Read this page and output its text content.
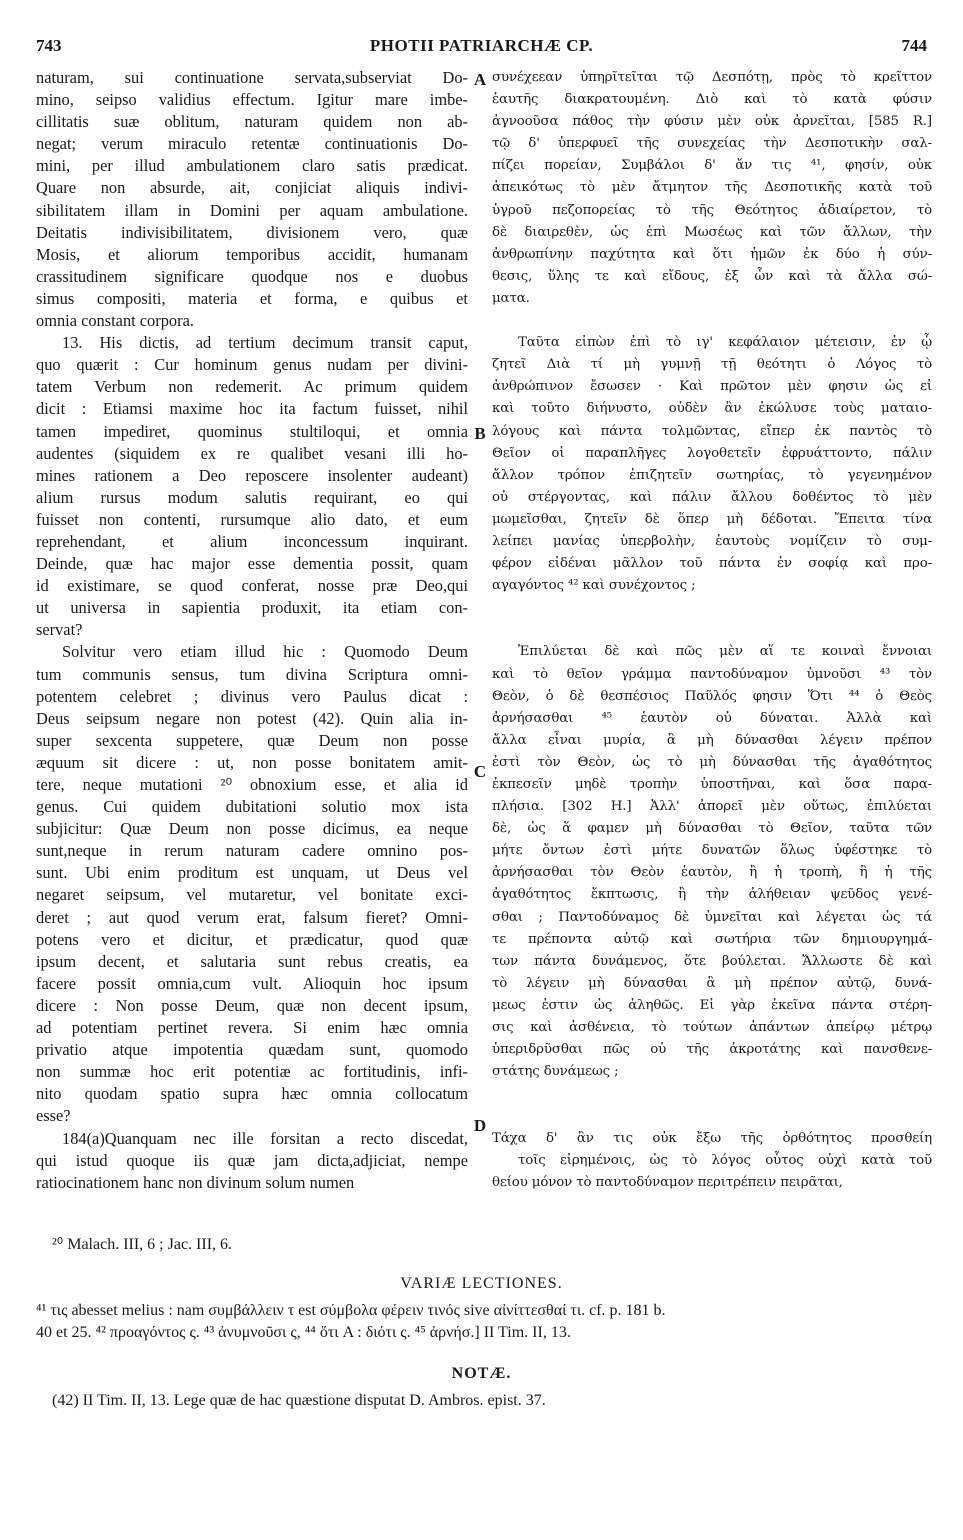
743	PHOTII PATRIARCHÆ CP.	744
naturam, sui continuatione servata,subserviat Do-
mino, seipso validius effectum. Igitur mare imbe-
cillitatis suæ oblitum, naturam quidem non ab-
negat; verum miraculo retentæ continuationis Do-
mini, per illud ambulationem claro satis prædicat.
Quare non absurde, ait, conjiciat aliquis indivi-
sibilitatem illam in Domini per aquam ambulatione.
Deitatis indivisibilitatem, divisionem vero, quæ
Mosis, et aliorum temporibus accidit, humanam
crassitudinem significare quodque nos e duobus
simus compositi, materia et forma, e quibus et
omnia constant corpora.
13. His dictis, ad tertium decimum transit caput,
quo quærit : Cur hominum genus nudam per divini-
tatem Verbum non redemerit. Ac primum quidem
dicit : Etiamsi maxime hoc ita factum fuisset, nihil
tamen impediret, quominus stultiloqui, et omnia
audentes (siquidem ex re qualibet vesani illi ho-
mines rationem a Deo reposcere insolenter audeant)
alium rursus modum salutis requirant, eo qui
fuisset non contenti, rursumque alio dato, et eum
reprehendant, et alium inconcessum inquirant.
Deinde, quæ hac major esse dementia possit, quam
id existimare, se quod conferat, nosse præ Deo,qui
ut universa in sapientia produxit, ita etiam con-
servat?
Solvitur vero etiam illud hic : Quomodo Deum
tum communis sensus, tum divina Scriptura omni-
potentem celebret ; divinus vero Paulus dicat :
Deus seipsum negare non potest (42). Quin alia in-
super sexcenta suppetere, quæ Deum non posse
æquum sit dicere : ut, non posse bonitatem amit-
tere, neque mutationi ²⁰ obnoxium esse, et alia id
genus. Cui quidem dubitationi solutio mox ista
subjicitur: Quæ Deum non posse dicimus, ea neque
sunt,neque in rerum naturam cadere omnino pos-
sunt. Ubi enim proditum est unquam, ut Deus vel
negaret seipsum, vel mutaretur, vel bonitate exci-
deret ; aut quod verum erat, falsum fieret? Omni-
potens vero et dicitur, et prædicatur, quod quæ
ipsum decent, et salutaria sunt rebus creatis, ea
facere possit omnia,cum vult. Alioquin hoc ipsum
dicere : Non posse Deum, quæ non decent ipsum,
ad potentiam pertinet revera. Si enim hæc omnia
privatio atque impotentia quædam sunt, quomodo
non summæ hoc erit potentiæ ac fortitudinis, infi-
nito quodam spatio supra hæc omnia collocatum
esse?
184(a)Quanquam nec ille forsitan a recto discedat,
qui istud quoque iis quæ jam dicta,adjiciat, nempe
ratiocinationem hanc non divinum solum numen
συνέχεεαν ὑπηρῖτεῖται τῷ Δεσπότῃ, πρὸς τὸ κρεῖττον
ἑαυτῆς διακρατουμένη. Διὸ καὶ τὸ κατὰ φύσιν
ἀγνοοῦσα πάθος τὴν φύσιν μὲν οὐκ ἀρνεῖται, [585 R.]
τῷ δ' ὑπερφυεῖ τῆς συνεχείας τὴν Δεσποτικὴν σαλ-
πίζει πορείαν, Συμβάλοι δ' ἄν τις ⁴¹, φησίν, οὐκ
ἀπεικότως τὸ μὲν ἄτμητον τῆς Δεσποτικῆς κατὰ τοῦ
ὑγροῦ πεζοπορείας τὸ τῆς Θεότητος ἀδιαίρετον, τὸ
δὲ διαιρεθὲν, ὡς ἐπὶ Μωσέως καὶ τῶν ἄλλων, τὴν
ἀνθρωπίνην παχύτητα καὶ ὅτι ἡμῶν ἐκ δύο ἡ σύν-
θεσις, ὕλης τε καὶ εἴδους, ἐξ ὧν καὶ τὰ ἄλλα σώ-
ματα.
Ταῦτα εἰπὼν ἐπὶ τὸ ιγ' κεφάλαιον μέτεισιν, ἐν ᾧ
ζητεῖ Διὰ τί μὴ γυμνῇ τῇ θεότητι ὁ Λόγος τὸ
ἀνθρώπινον ἔσωσεν · Καὶ πρῶτον μὲν φησιν ὡς εἰ
καὶ τοῦτο διήνυστο, οὐδὲν ἂν ἐκώλυσε τοὺς ματαιο-
λόγους καὶ πάντα τολμῶντας, εἴπερ ἐκ παντὸς τὸ
Θεῖον οἱ παραπλῆγες λογοθετεῖν ἐφρυάττοντο, πάλιν
ἄλλον τρόπον ἐπιζητεῖν σωτηρίας, τὸ γεγενημένον
οὐ στέργοντας, καὶ πάλιν ἄλλου δοθέντος τὸ μὲν
μωμεῖσθαι, ζητεῖν δὲ ὅπερ μὴ δέδοται. Ἔπειτα τίνα
λείπει μανίας ὑπερβολὴν, ἑαυτοὺς νομίζειν τὸ συμ-
φέρον εἰδέναι μᾶλλον τοῦ πάντα ἐν σοφίᾳ καὶ προ-
αγαγόντος ⁴² καὶ συνέχοντος ;
Ἐπιλύεται δὲ καὶ πῶς μὲν αἵ τε κοιναὶ ἔννοιαι
καὶ τὸ θεῖον γράμμα παντοδύναμον ὑμνοῦσι ⁴³ τὸν
Θεὸν, ὁ δὲ θεσπέσιος Παῦλός φησιν Ὅτι ⁴⁴ ὁ Θεὸς
ἀρνήσασθαι ⁴⁵ ἑαυτὸν οὐ δύναται. Ἀλλὰ καὶ
ἄλλα εἶναι μυρία, ἃ μὴ δύνασθαι λέγειν πρέπον
ἐστὶ τὸν Θεὸν, ὡς τὸ μὴ δύνασθαι τῆς ἀγαθότητος
ἐκπεσεῖν μηδὲ τροπὴν ὑποστῆναι, καὶ ὅσα παρα-
πλήσια. [302 H.] Ἀλλ' ἀπορεῖ μὲν οὕτως, ἐπιλύεται
δὲ, ὡς ἅ φαμεν μὴ δύνασθαι τὸ Θεῖον, ταῦτα τῶν
μήτε ὄντων ἐστὶ μήτε δυνατῶν ὅλως ὑφέστηκε τὸ
ἀρνήσασθαι τὸν Θεὸν ἑαυτὸν, ἢ ἡ τροπὴ, ἢ ἡ τῆς
ἀγαθότητος ἔκπτωσις, ἢ τὴν ἀλήθειαν ψεῦδος γενέ-
σθαι ; Παντοδύναμος δὲ ὑμνεῖται καὶ λέγεται ὡς τά
τε πρέποντα αὐτῷ καὶ σωτήρια τῶν δημιουργημά-
των πάντα δυνάμενος, ὅτε βούλεται. Ἄλλωστε δὲ καὶ
τὸ λέγειν μὴ δύνασθαι ἃ μὴ πρέπον αὐτῷ, δυνά-
μεως ἐστιν ὡς ἀληθῶς. Εἰ γὰρ ἐκεῖνα πάντα στέρη-
σις καὶ ἀσθένεια, τὸ τούτων ἁπάντων ἀπείρῳ μέτρῳ
ὑπεριδρῦσθαι πῶς οὐ τῆς ἀκροτάτης καὶ πανσθενε-
στάτης δυνάμεως ;
Τάχα δ' ἂν τις οὐκ ἔξω τῆς ὀρθότητος προσθείη
τοῖς εἰρημένοις, ὡς τὸ λόγος οὗτος οὐχὶ κατὰ τοῦ
θείου μόνον τὸ παντοδύναμον περιτρέπειν πειρᾶται,
A
B
C
D
²⁰ Malach. III, 6 ; Jac. III, 6.
VARIÆ LECTIONES.
⁴¹ τις abesset melius : nam συμβάλλειν τ est σύμβολα φέρειν τινός sive αἰνίττεσθαί τι. cf. p. 181 b.
40 et 25. ⁴² προαγόντος ς. ⁴³ ἀνυμνοῦσι ς, ⁴⁴ ὅτι A : διότι ς. ⁴⁵ ἀρνήσ.] II Tim. II, 13.
NOTÆ.
(42) II Tim. II, 13. Lege quæ de hac quæstione disputat D. Ambros. epist. 37.
